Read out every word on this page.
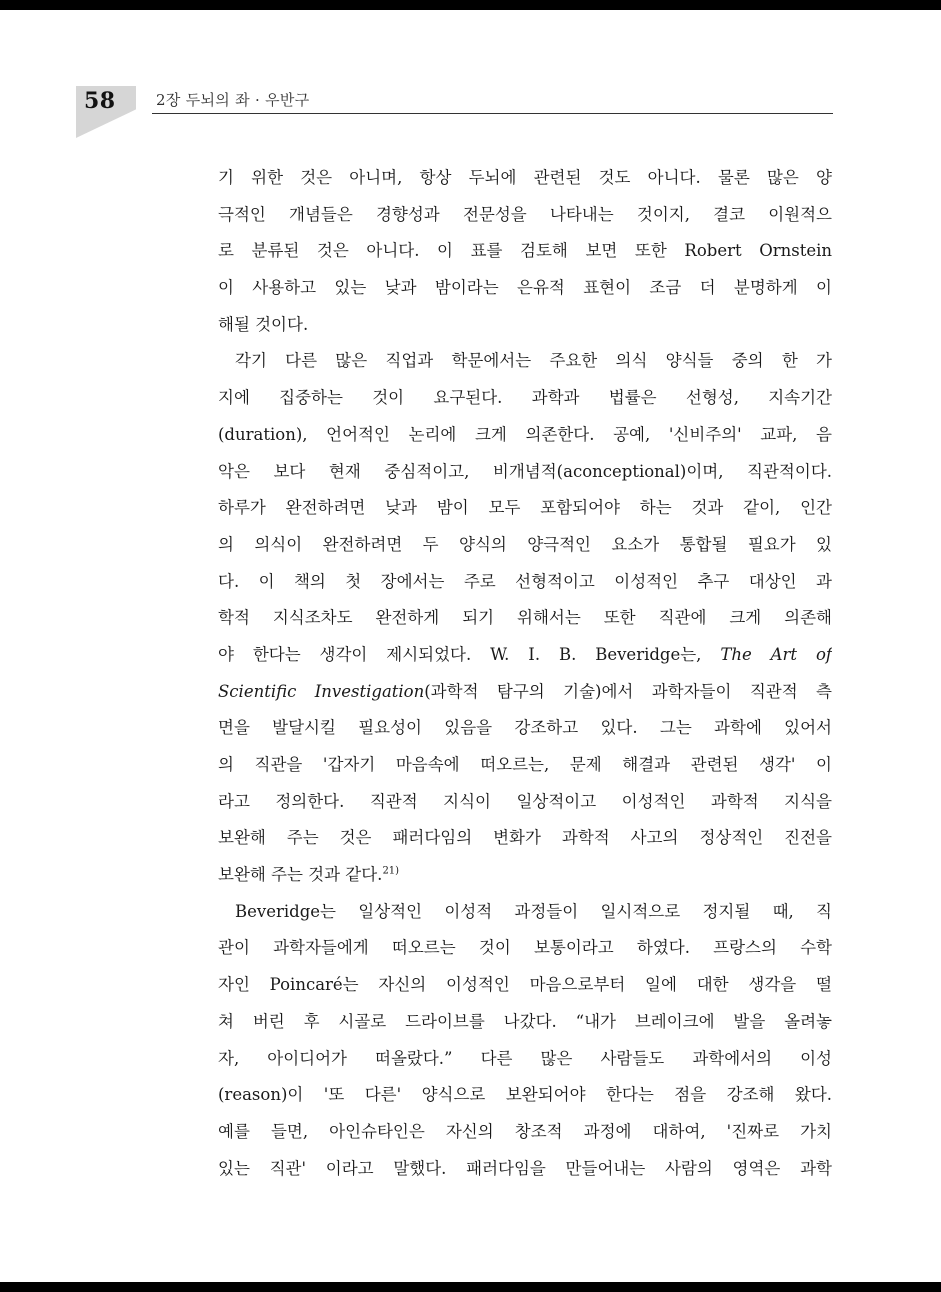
58	2장 두뇌의 좌 · 우반구
기 위한 것은 아니며, 항상 두뇌에 관련된 것도 아니다. 물론 많은 양
극적인 개념들은 경향성과 전문성을 나타내는 것이지, 결코 이원적으
로 분류된 것은 아니다. 이 표를 검토해 보면 또한 Robert Ornstein
이 사용하고 있는 낮과 밤이라는 은유적 표현이 조금 더 분명하게 이
해될 것이다.
각기 다른 많은 직업과 학문에서는 주요한 의식 양식들 중의 한 가
지에 집중하는 것이 요구된다. 과학과 법률은 선형성, 지속기간
(duration), 언어적인 논리에 크게 의존한다. 공예, '신비주의' 교파, 음
악은 보다 현재 중심적이고, 비개념적(aconceptional)이며, 직관적이다.
하루가 완전하려면 낮과 밤이 모두 포함되어야 하는 것과 같이, 인간
의 의식이 완전하려면 두 양식의 양극적인 요소가 통합될 필요가 있
다. 이 책의 첫 장에서는 주로 선형적이고 이성적인 추구 대상인 과
학적 지식조차도 완전하게 되기 위해서는 또한 직관에 크게 의존해
야 한다는 생각이 제시되었다. W. I. B. Beveridge는, The Art of
Scientific Investigation(과학적 탐구의 기술)에서 과학자들이 직관적 측
면을 발달시킬 필요성이 있음을 강조하고 있다. 그는 과학에 있어서
의 직관을 '갑자기 마음속에 떠오르는, 문제 해결과 관련된 생각' 이
라고 정의한다. 직관적 지식이 일상적이고 이성적인 과학적 지식을
보완해 주는 것은 패러다임의 변화가 과학적 사고의 정상적인 진전을
보완해 주는 것과 같다.$^{21)}$
Beveridge는 일상적인 이성적 과정들이 일시적으로 정지될 때, 직
관이 과학자들에게 떠오르는 것이 보통이라고 하였다. 프랑스의 수학
자인 Poincaré는 자신의 이성적인 마음으로부터 일에 대한 생각을 떨
쳐 버린 후 시골로 드라이브를 나갔다. “내가 브레이크에 발을 올려놓
자, 아이디어가 떠올랐다.” 다른 많은 사람들도 과학에서의 이성
(reason)이 '또 다른' 양식으로 보완되어야 한다는 점을 강조해 왔다.
예를 들면, 아인슈타인은 자신의 창조적 과정에 대하여, '진짜로 가치
있는 직관' 이라고 말했다. 패러다임을 만들어내는 사람의 영역은 과학
